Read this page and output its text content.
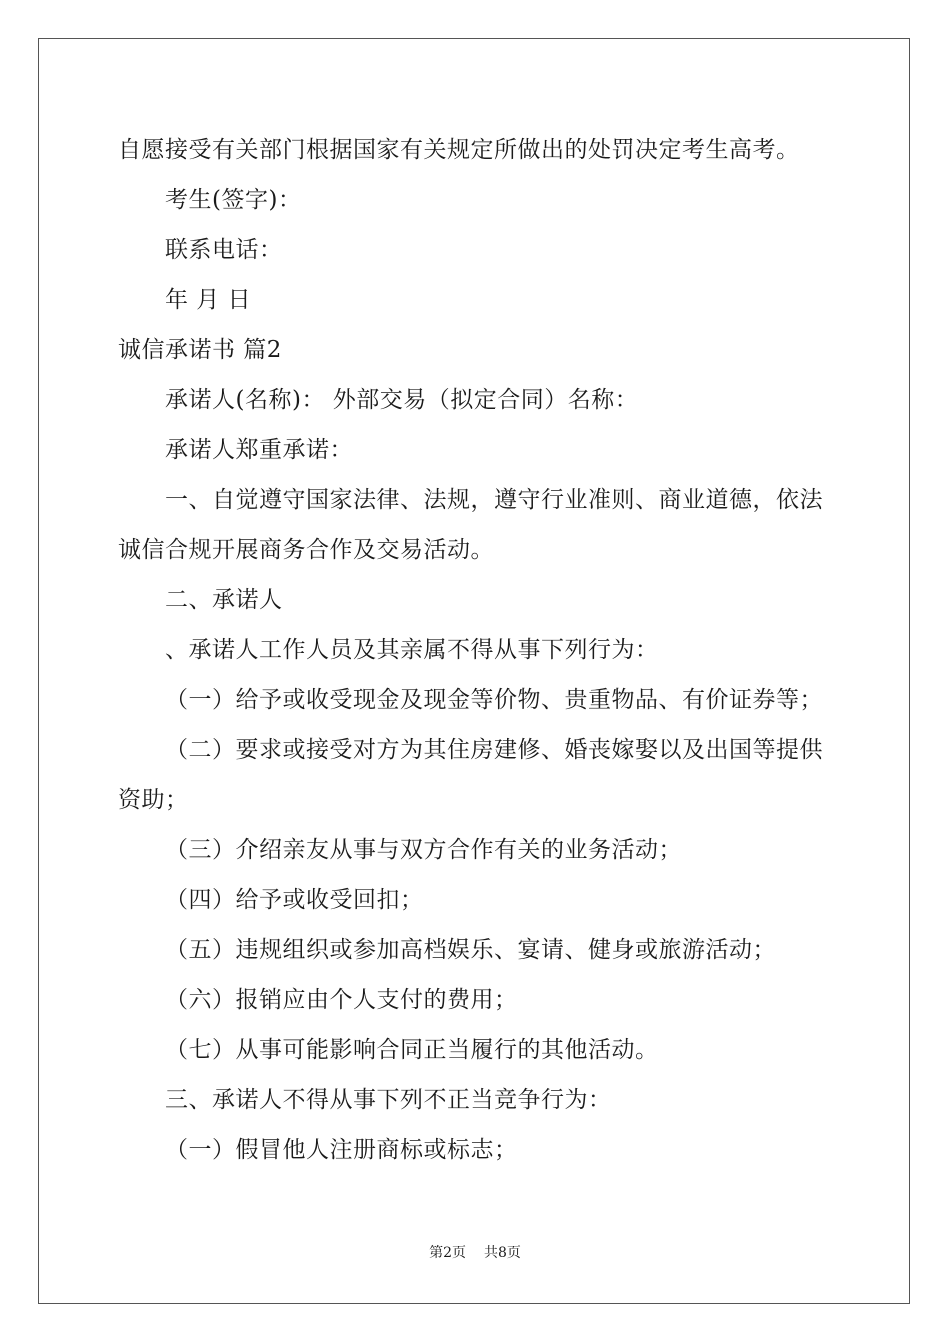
自愿接受有关部门根据国家有关规定所做出的处罚决定考生高考。
考生(签字)：
联系电话：
年 月 日
诚信承诺书 篇2
承诺人(名称)： 外部交易（拟定合同）名称：
承诺人郑重承诺：
一、自觉遵守国家法律、法规，遵守行业准则、商业道德，依法
诚信合规开展商务合作及交易活动。
二、承诺人
、承诺人工作人员及其亲属不得从事下列行为：
（一）给予或收受现金及现金等价物、贵重物品、有价证券等；
（二）要求或接受对方为其住房建修、婚丧嫁娶以及出国等提供
资助；
（三）介绍亲友从事与双方合作有关的业务活动；
（四）给予或收受回扣；
（五）违规组织或参加高档娱乐、宴请、健身或旅游活动；
（六）报销应由个人支付的费用；
（七）从事可能影响合同正当履行的其他活动。
三、承诺人不得从事下列不正当竞争行为：
（一）假冒他人注册商标或标志；
第2页 共8页
